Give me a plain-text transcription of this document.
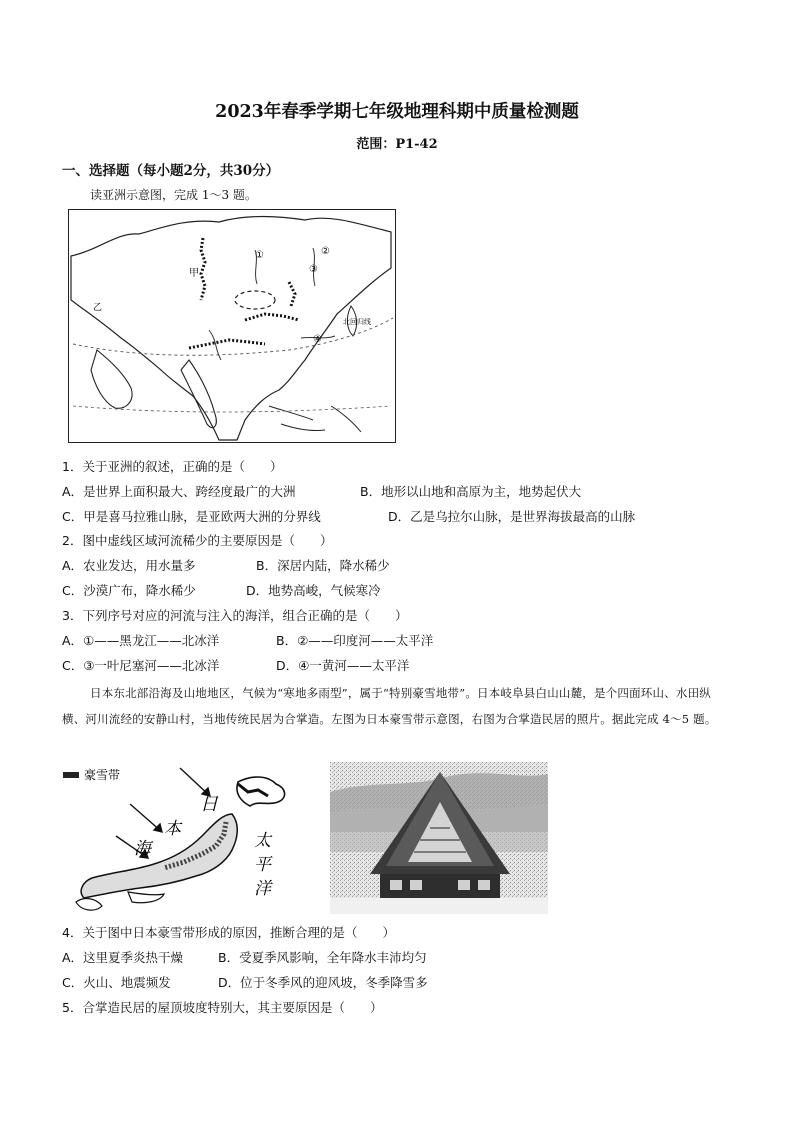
2023年春季学期七年级地理科期中质量检测题
范围：P1-42
一、选择题（每小题2分，共30分）
读亚洲示意图，完成 1～3 题。
甲
①
③
②
④
北回归线
乙
1．关于亚洲的叙述，正确的是（　　）
A．是世界上面积最大、跨经度最广的大洲	B．地形以山地和高原为主，地势起伏大
C．甲是喜马拉雅山脉，是亚欧两大洲的分界线	D．乙是乌拉尔山脉，是世界海拔最高的山脉
2．图中虚线区域河流稀少的主要原因是（　　）
A．农业发达，用水量多	B．深居内陆，降水稀少
C．沙漠广布，降水稀少	D．地势高峻，气候寒冷
3．下列序号对应的河流与注入的海洋，组合正确的是（　　）
A．①——黑龙江——北冰洋	B．②——印度河——太平洋
C．③一叶尼塞河——北冰洋	D．④一黄河——太平洋
日本东北部沿海及山地地区，气候为“寒地多雨型”，属于“特别豪雪地带”。日本岐阜县白山山麓，是个四面环山、水田纵横、河川流经的安静山村，当地传统民居为合掌造。左图为日本豪雪带示意图，右图为合掌造民居的照片。据此完成 4～5 题。
豪雪带
日
本
海	太
平
洋
4．关于图中日本豪雪带形成的原因，推断合理的是（　　）
A．这里夏季炎热干燥	B．受夏季风影响，全年降水丰沛均匀
C．火山、地震频发	D．位于冬季风的迎风坡，冬季降雪多
5．合掌造民居的屋顶坡度特别大，其主要原因是（　　）
